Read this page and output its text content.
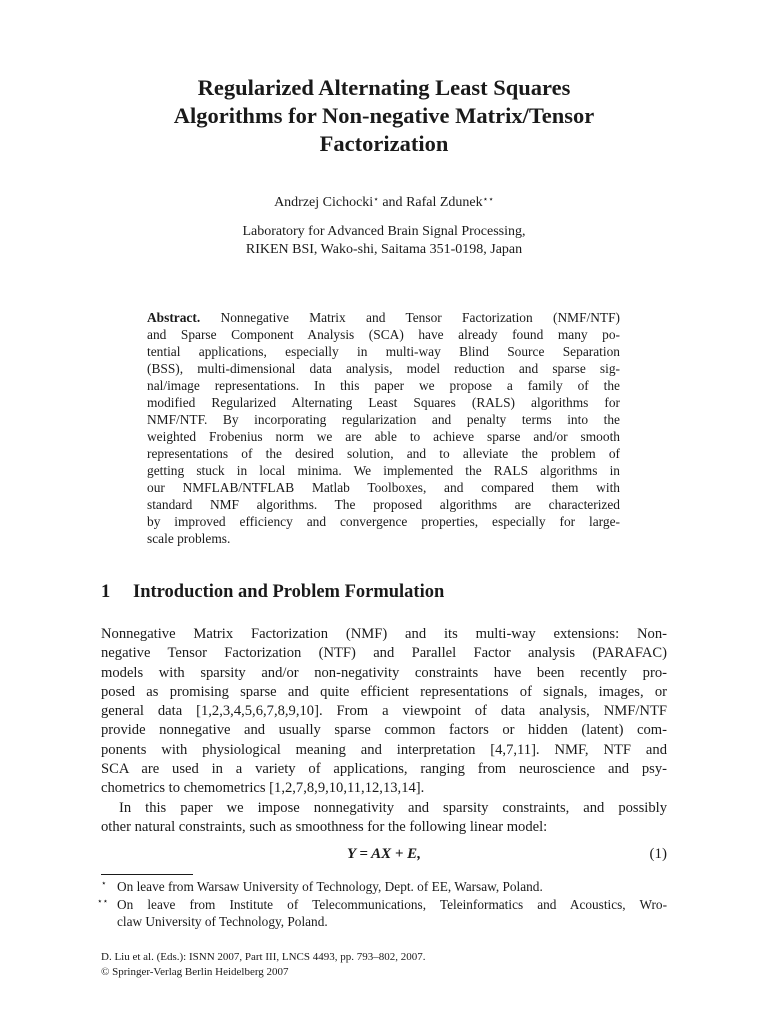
Regularized Alternating Least Squares
Algorithms for Non-negative Matrix/Tensor
Factorization
Andrzej Cichocki⋆ and Rafal Zdunek⋆⋆
Laboratory for Advanced Brain Signal Processing,
RIKEN BSI, Wako-shi, Saitama 351-0198, Japan
Abstract. Nonnegative Matrix and Tensor Factorization (NMF/NTF)
and Sparse Component Analysis (SCA) have already found many po-
tential applications, especially in multi-way Blind Source Separation
(BSS), multi-dimensional data analysis, model reduction and sparse sig-
nal/image representations. In this paper we propose a family of the
modified Regularized Alternating Least Squares (RALS) algorithms for
NMF/NTF. By incorporating regularization and penalty terms into the
weighted Frobenius norm we are able to achieve sparse and/or smooth
representations of the desired solution, and to alleviate the problem of
getting stuck in local minima. We implemented the RALS algorithms in
our NMFLAB/NTFLAB Matlab Toolboxes, and compared them with
standard NMF algorithms. The proposed algorithms are characterized
by improved efficiency and convergence properties, especially for large-
scale problems.
1 Introduction and Problem Formulation
Nonnegative Matrix Factorization (NMF) and its multi-way extensions: Non-
negative Tensor Factorization (NTF) and Parallel Factor analysis (PARAFAC)
models with sparsity and/or non-negativity constraints have been recently pro-
posed as promising sparse and quite efficient representations of signals, images, or
general data [1,2,3,4,5,6,7,8,9,10]. From a viewpoint of data analysis, NMF/NTF
provide nonnegative and usually sparse common factors or hidden (latent) com-
ponents with physiological meaning and interpretation [4,7,11]. NMF, NTF and
SCA are used in a variety of applications, ranging from neuroscience and psy-
chometrics to chemometrics [1,2,7,8,9,10,11,12,13,14].
In this paper we impose nonnegativity and sparsity constraints, and possibly
other natural constraints, such as smoothness for the following linear model:
Y = AX + E,	(1)
⋆ On leave from Warsaw University of Technology, Dept. of EE, Warsaw, Poland.
⋆⋆ On leave from Institute of Telecommunications, Teleinformatics and Acoustics, Wro-
claw University of Technology, Poland.
D. Liu et al. (Eds.): ISNN 2007, Part III, LNCS 4493, pp. 793–802, 2007.
© Springer-Verlag Berlin Heidelberg 2007
